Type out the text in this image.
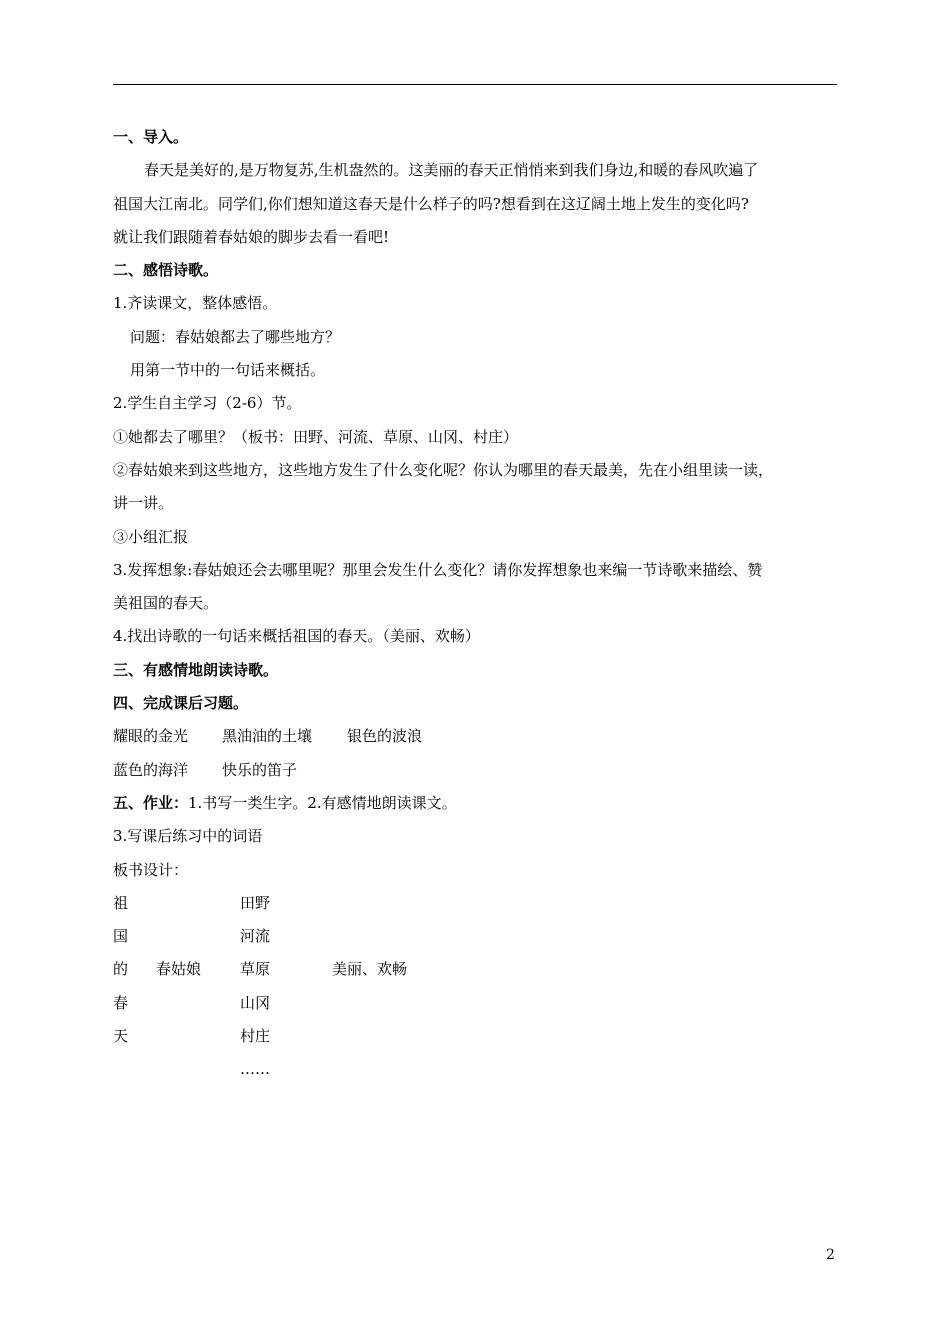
一、导入。
春天是美好的,是万物复苏,生机盎然的。这美丽的春天正悄悄来到我们身边,和暖的春风吹遍了
祖国大江南北。同学们,你们想知道这春天是什么样子的吗?想看到在这辽阔土地上发生的变化吗?
就让我们跟随着春姑娘的脚步去看一看吧!
二、感悟诗歌。
1.齐读课文，整体感悟。
问题：春姑娘都去了哪些地方？
用第一节中的一句话来概括。
2.学生自主学习（2-6）节。
①她都去了哪里？（板书：田野、河流、草原、山冈、村庄）
②春姑娘来到这些地方，这些地方发生了什么变化呢？你认为哪里的春天最美，先在小组里读一读，
讲一讲。
③小组汇报
3.发挥想象:春姑娘还会去哪里呢？那里会发生什么变化？请你发挥想象也来编一节诗歌来描绘、赞
美祖国的春天。
4.找出诗歌的一句话来概括祖国的春天。（美丽、欢畅）
三、有感情地朗读诗歌。
四、完成课后习题。
耀眼的金光 黑油油的土壤 银色的波浪
蓝色的海洋 快乐的笛子
五、作业：1.书写一类生字。2.有感情地朗读课文。
3.写课后练习中的词语
板书设计：
祖	田野
国	河流
的 春姑娘	草原	美丽、欢畅
春	山冈
天	村庄
……
2
